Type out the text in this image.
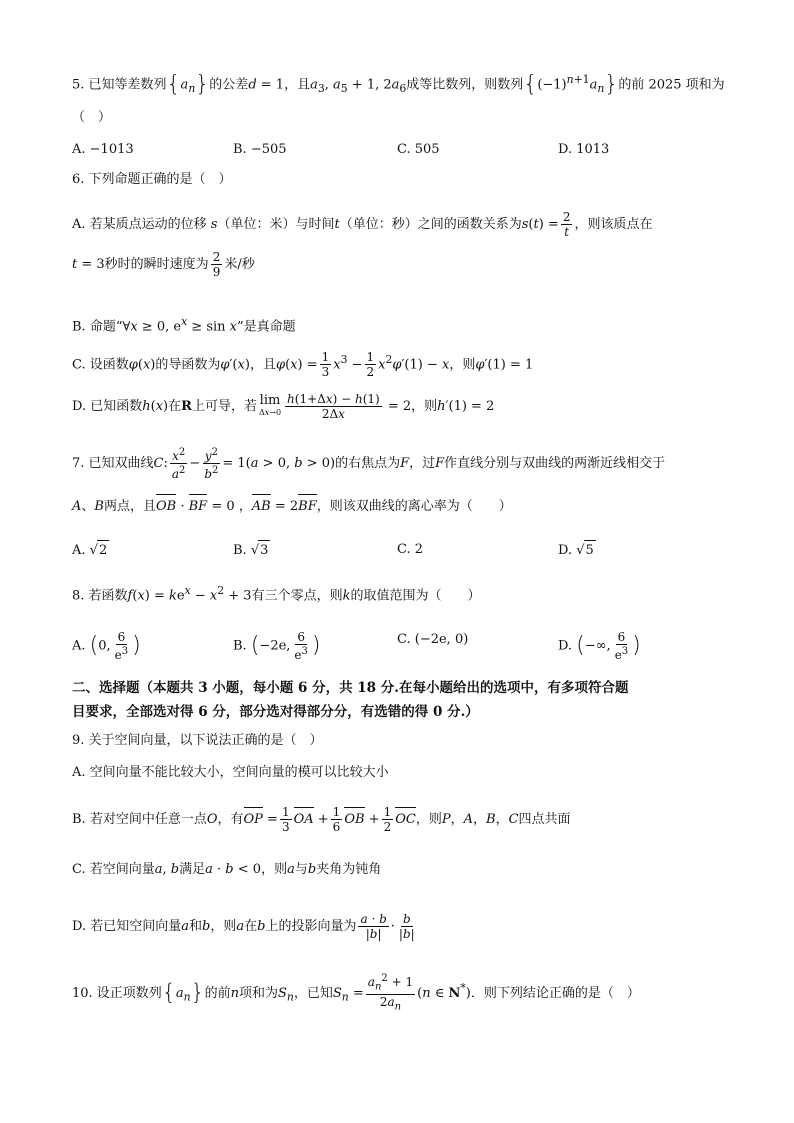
5. 已知等差数列$\{a_n\}$的公差d = 1，且$a_3$, $a_5 + 1$, $2a_6$成等比数列，则数列$\{(-1)^{n+1}a_n\}$的前 2025 项和为
（　）
A. −1013	B. −505	C. 505	D. 1013
6. 下列命题正确的是（　）
A. 若某质点运动的位移 s（单位：米）与时间t（单位：秒）之间的函数关系为$s(t) = \frac{2}{t}$ ，则该质点在
t = 3秒时的瞬时速度为 $\frac{2}{9}$ 米/秒
B. 命题“∀x ≥ 0, $e^x \ge \sin x$”是真命题
C. 设函数φ(x)的导函数为φ′(x)，且$\varphi(x) = \frac{1}{3} x^3 - \frac{1}{2} x^2\varphi'(1) - x$，则φ′(1) = 1
D. 已知函数h(x)在R上可导，若 lim
$\Delta x\to 0 \frac{h(1+\Delta x) - h(1)}{2\Delta x} = 2$，则h′(1) = 2
7. 已知双曲线C: $\frac{x^2}{a^2} - \frac{y^2}{b^2} = 1(a > 0$, b > 0)的右焦点为F，过F作直线分别与双曲线的两渐近线相交于
A、B两点，且OB · BF = 0 ，AB = 2BF，则该双曲线的离心率为（　　）
A. √2	B. √3	C. 2	D. √5
8. 若函数$f(x) = ke^x - x^2 + 3$有三个零点，则k的取值范围为（　　）
A. (0, $\frac{6}{e^3}$ )	B. (−2e, $\frac{6}{e^3}$ )	C. (−2e, 0)	D. (−∞, $\frac{6}{e^3}$ )
二、选择题（本题共 3 小题，每小题 6 分，共 18 分.在每小题给出的选项中，有多项符合题
目要求，全部选对得 6 分，部分选对得部分分，有选错的得 0 分.）
9. 关于空间向量，以下说法正确的是（　）
A. 空间向量不能比较大小，空间向量的模可以比较大小
B. 若对空间中任意一点O，有OP = $\frac{1}{3}$ OA + $\frac{1}{6}$ OB + $\frac{1}{2}$ OC，则P，A，B，C四点共面
C. 若空间向量a, b满足a · b < 0，则a与b夹角为钝角
D. 若已知空间向量a和b，则a在b上的投影向量为 $\frac{a \cdot b}{|b|} \cdot \frac{b}{|b|}$
10. 设正项数列$\{a_n\}$的前n项和为$S_n$，已知$S_n = \frac{a_n^2 + 1}{2a_n} (n$ ∈ N*)．则下列结论正确的是（　）
